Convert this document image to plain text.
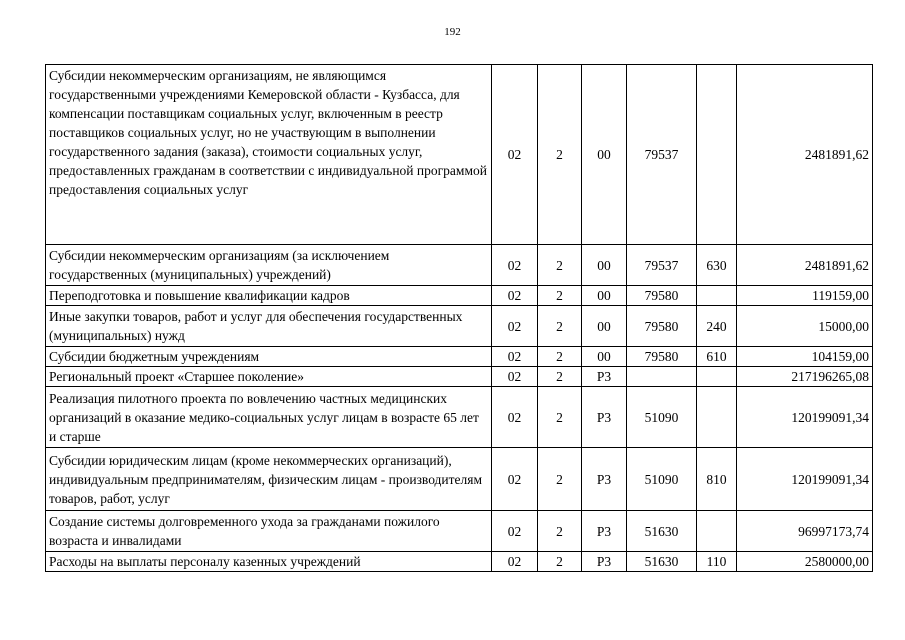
192
Субсидии некоммерческим организациям, не являющимся государственными учреждениями Кемеровской области - Кузбасса, для компенсации поставщикам социальных услуг, включенным в реестр поставщиков социальных услуг, но не участвующим в выполнении государственного задания (заказа), стоимости социальных услуг, предоставленных гражданам в соответствии с индивидуальной программой предоставления социальных услуг	02	2	00	79537		2481891,62
Субсидии некоммерческим организациям (за исключением государственных (муниципальных) учреждений)	02	2	00	79537	630	2481891,62
Переподготовка и повышение квалификации кадров	02	2	00	79580		119159,00
Иные закупки товаров, работ и услуг для обеспечения государственных (муниципальных) нужд	02	2	00	79580	240	15000,00
Субсидии бюджетным учреждениям	02	2	00	79580	610	104159,00
Региональный проект «Старшее поколение»	02	2	P3			217196265,08
Реализация пилотного проекта по вовлечению частных медицинских организаций в оказание медико-социальных услуг лицам в возрасте 65 лет и старше	02	2	P3	51090		120199091,34
Субсидии юридическим лицам (кроме некоммерческих организаций), индивидуальным предпринимателям, физическим лицам - производителям товаров, работ, услуг	02	2	P3	51090	810	120199091,34
Создание системы долговременного ухода за гражданами пожилого возраста и инвалидами	02	2	P3	51630		96997173,74
Расходы на выплаты персоналу казенных учреждений	02	2	P3	51630	110	2580000,00
